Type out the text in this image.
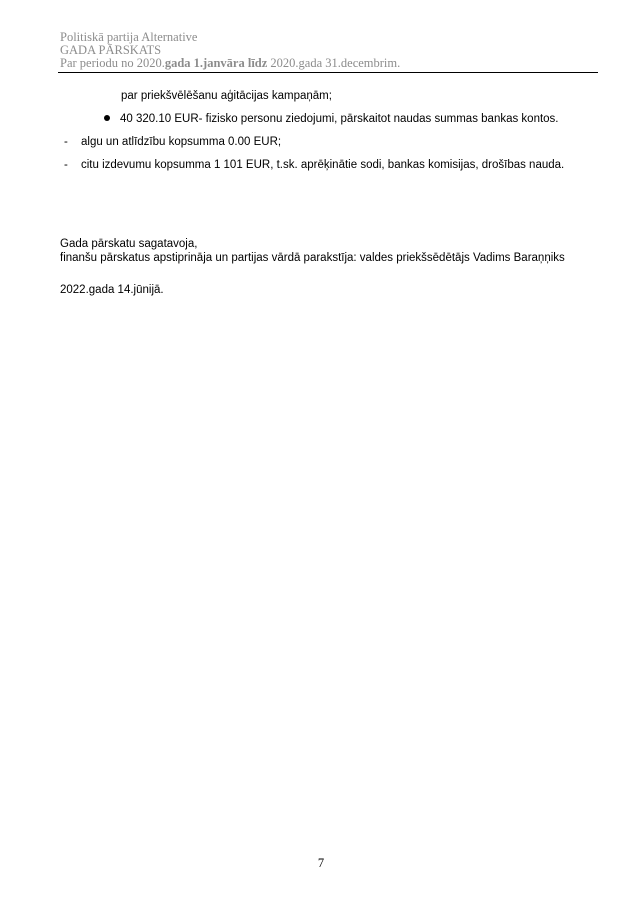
Politiskā partija Alternative
GADA PĀRSKATS
Par periodu no 2020.gada 1.janvāra līdz 2020.gada 31.decembrim.
par priekšvēlēšanu aģitācijas kampaņām;
40 320.10 EUR- fizisko personu ziedojumi, pārskaitot naudas summas bankas kontos.
- algu un atlīdzību kopsumma 0.00 EUR;
- citu izdevumu kopsumma 1 101 EUR, t.sk. aprēķinātie sodi, bankas komisijas, drošības nauda.
Gada pārskatu sagatavoja,
finanšu pārskatus apstiprināja un partijas vārdā parakstīja: valdes priekšsēdētājs Vadims Baraņņiks
2022.gada 14.jūnijā.
7
